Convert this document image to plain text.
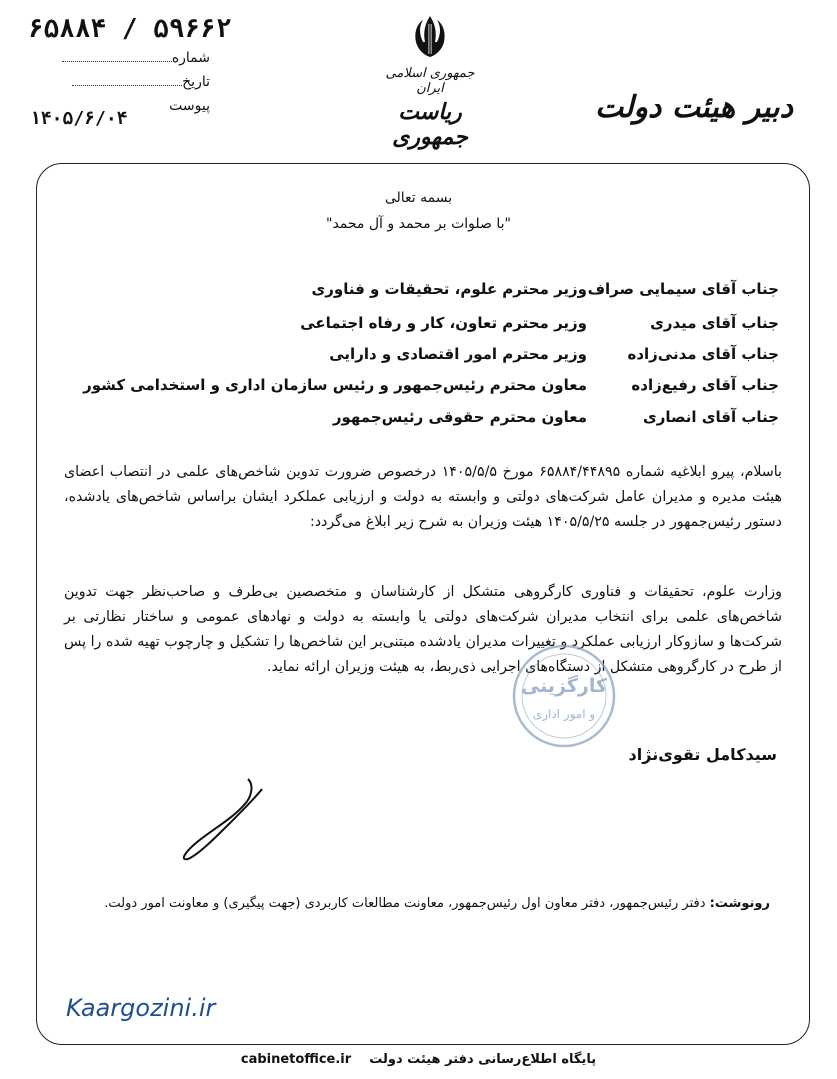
۶۵۸۸۴ / ۵۹۶۶۲
شماره
تاریخ
پیوست
۱۴۰۵/۶/۰۴
جمهوری اسلامی ایران
ریاست جمهوری
دبیر هیئت دولت
بسمه تعالی
"با صلوات بر محمد و آل محمد"
جناب آقای سیمایی صراف
وزیر محترم علوم، تحقیقات و فناوری
جناب آقای میدری
وزیر محترم تعاون، کار و رفاه اجتماعی
جناب آقای مدنی‌زاده
وزیر محترم امور اقتصادی و دارایی
جناب آقای رفیع‌زاده
معاون محترم رئیس‌جمهور و رئیس سازمان اداری و استخدامی کشور
جناب آقای انصاری
معاون محترم حقوقی رئیس‌جمهور
باسلام، پیرو ابلاغیه شماره ۶۵۸۸۴/۴۴۸۹۵ مورخ ۱۴۰۵/۵/۵ درخصوص ضرورت تدوین شاخص‌های علمی در انتصاب اعضای هیئت مدیره و مدیران عامل شرکت‌های دولتی و وابسته به دولت و ارزیابی عملکرد ایشان براساس شاخص‌های یادشده، دستور رئیس‌جمهور در جلسه ۱۴۰۵/۵/۲۵ هیئت وزیران به شرح زیر ابلاغ می‌گردد:
وزارت علوم، تحقیقات و فناوری کارگروهی متشکل از کارشناسان و متخصصین بی‌طرف و صاحب‌نظر جهت تدوین شاخص‌های علمی برای انتخاب مدیران شرکت‌های دولتی یا وابسته به دولت و نهادهای عمومی و ساختار نظارتی بر شرکت‌ها و سازوکار ارزیابی عملکرد و تغییرات مدیران یادشده مبتنی‌بر این شاخص‌ها را تشکیل و چارچوب تهیه شده را پس از طرح در کارگروهی متشکل از دستگاه‌های اجرایی ذی‌ربط، به هیئت وزیران ارائه نماید.
کارگزینی
و امور اداری
سیدکامل تقوی‌نژاد
رونوشت: دفتر رئیس‌جمهور، دفتر معاون اول رئیس‌جمهور، معاونت مطالعات کاربردی (جهت پیگیری) و معاونت امور دولت.
Kaargozini.ir
cabinetoffice.ir پایگاه اطلاع‌رسانی دفتر هیئت دولت
